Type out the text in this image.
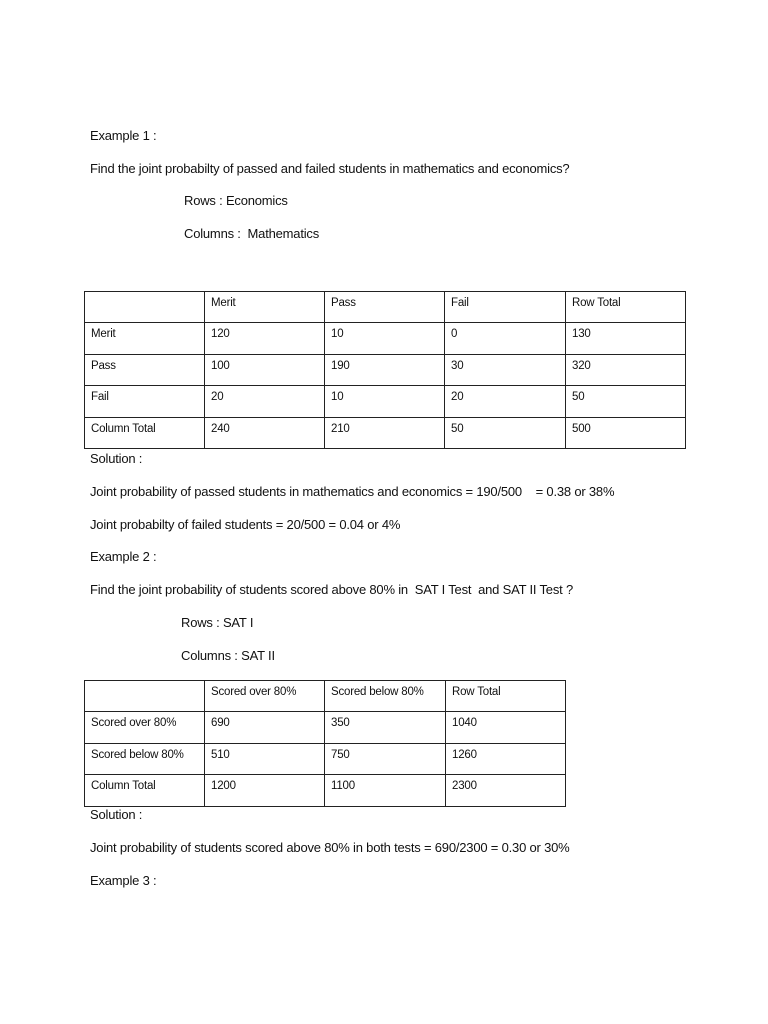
Example 1 :
Find the joint probabilty of passed and failed students in mathematics and economics?
Rows : Economics
Columns :  Mathematics
	Merit	Pass	Fail	Row Total
Merit	120	10	0	130
Pass	100	190	30	320
Fail	20	10	20	50
Column Total	240	210	50	500
Solution :
Joint probability of passed students in mathematics and economics = 190/500    = 0.38 or 38%
Joint probabilty of failed students = 20/500 = 0.04 or 4%
Example 2 :
Find the joint probability of students scored above 80% in  SAT I Test  and SAT II Test ?
Rows : SAT I
Columns : SAT II
	Scored over 80%	Scored below 80%	Row Total
Scored over 80%	690	350	1040
Scored below 80%	510	750	1260
Column Total	1200	1100	2300
Solution :
Joint probability of students scored above 80% in both tests = 690/2300 = 0.30 or 30%
Example 3 :
